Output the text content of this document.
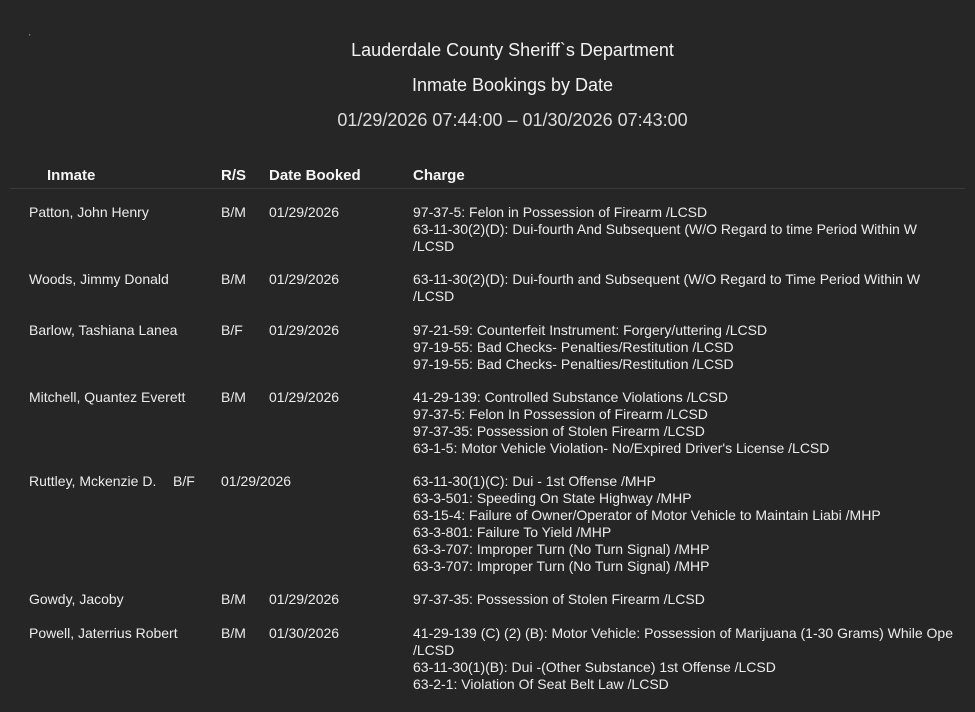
'
Lauderdale County Sheriff`s Department
Inmate Bookings by Date
01/29/2026 07:44:00 – 01/30/2026 07:43:00
Inmate	R/S Date Booked	Charge
Patton, John Henry	B/M 01/29/2026	97-37-5: Felon in Possession of Firearm /LCSD
63-11-30(2)(D): Dui-fourth And Subsequent (W/O Regard to time Period Within W /LCSD
Woods, Jimmy Donald	B/M 01/29/2026	63-11-30(2)(D): Dui-fourth and Subsequent (W/O Regard to Time Period Within W /LCSD
Barlow, Tashiana Lanea	B/F 01/29/2026	97-21-59: Counterfeit Instrument: Forgery/uttering /LCSD
97-19-55: Bad Checks- Penalties/Restitution /LCSD
97-19-55: Bad Checks- Penalties/Restitution /LCSD
Mitchell, Quantez Everett	B/M 01/29/2026	41-29-139: Controlled Substance Violations /LCSD
97-37-5: Felon In Possession of Firearm /LCSD
97-37-35: Possession of Stolen Firearm /LCSD
63-1-5: Motor Vehicle Violation- No/Expired Driver's License /LCSD
Ruttley, Mckenzie D. B/F 01/29/2026	63-11-30(1)(C): Dui - 1st Offense /MHP
63-3-501: Speeding On State Highway /MHP
63-15-4: Failure of Owner/Operator of Motor Vehicle to Maintain Liabi /MHP
63-3-801: Failure To Yield /MHP
63-3-707: Improper Turn (No Turn Signal) /MHP
63-3-707: Improper Turn (No Turn Signal) /MHP
Gowdy, Jacoby	B/M 01/29/2026	97-37-35: Possession of Stolen Firearm /LCSD
Powell, Jaterrius Robert	B/M 01/30/2026	41-29-139 (C) (2) (B): Motor Vehicle: Possession of Marijuana (1-30 Grams) While Ope /LCSD
63-11-30(1)(B): Dui -(Other Substance) 1st Offense /LCSD
63-2-1: Violation Of Seat Belt Law /LCSD
